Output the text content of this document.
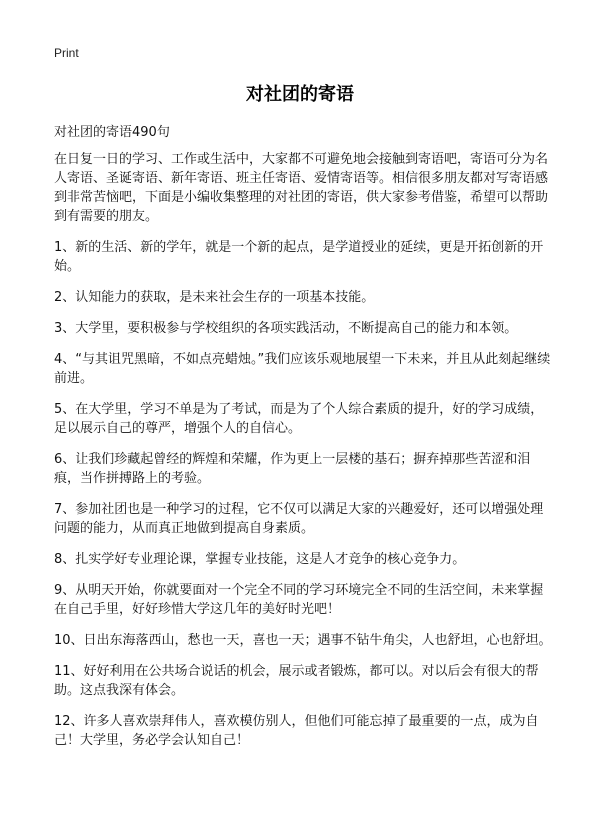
Print
对社团的寄语
对社团的寄语490句

在日复一日的学习、工作或生活中，大家都不可避免地会接触到寄语吧，寄语可分为名人寄语、圣诞寄语、新年寄语、班主任寄语、爱情寄语等。相信很多朋友都对写寄语感到非常苦恼吧，下面是小编收集整理的对社团的寄语，供大家参考借鉴，希望可以帮助到有需要的朋友。

1、新的生活、新的学年，就是一个新的起点，是学道授业的延续，更是开拓创新的开始。

2、认知能力的获取，是未来社会生存的一项基本技能。

3、大学里，要积极参与学校组织的各项实践活动，不断提高自己的能力和本领。

4、“与其诅咒黑暗，不如点亮蜡烛。”我们应该乐观地展望一下未来，并且从此刻起继续前进。

5、在大学里，学习不单是为了考试，而是为了个人综合素质的提升，好的学习成绩，足以展示自己的尊严，增强个人的自信心。

6、让我们珍藏起曾经的辉煌和荣耀，作为更上一层楼的基石；摒弃掉那些苦涩和泪痕，当作拼搏路上的考验。

7、参加社团也是一种学习的过程，它不仅可以满足大家的兴趣爱好，还可以增强处理问题的能力，从而真正地做到提高自身素质。

8、扎实学好专业理论课，掌握专业技能，这是人才竞争的核心竞争力。

9、从明天开始，你就要面对一个完全不同的学习环境完全不同的生活空间，未来掌握在自己手里，好好珍惜大学这几年的美好时光吧！

10、日出东海落西山，愁也一天，喜也一天；遇事不钻牛角尖，人也舒坦，心也舒坦。

11、好好利用在公共场合说话的机会，展示或者锻炼，都可以。对以后会有很大的帮助。这点我深有体会。

12、许多人喜欢崇拜伟人，喜欢模仿别人，但他们可能忘掉了最重要的一点，成为自己！大学里，务必学会认知自己！
